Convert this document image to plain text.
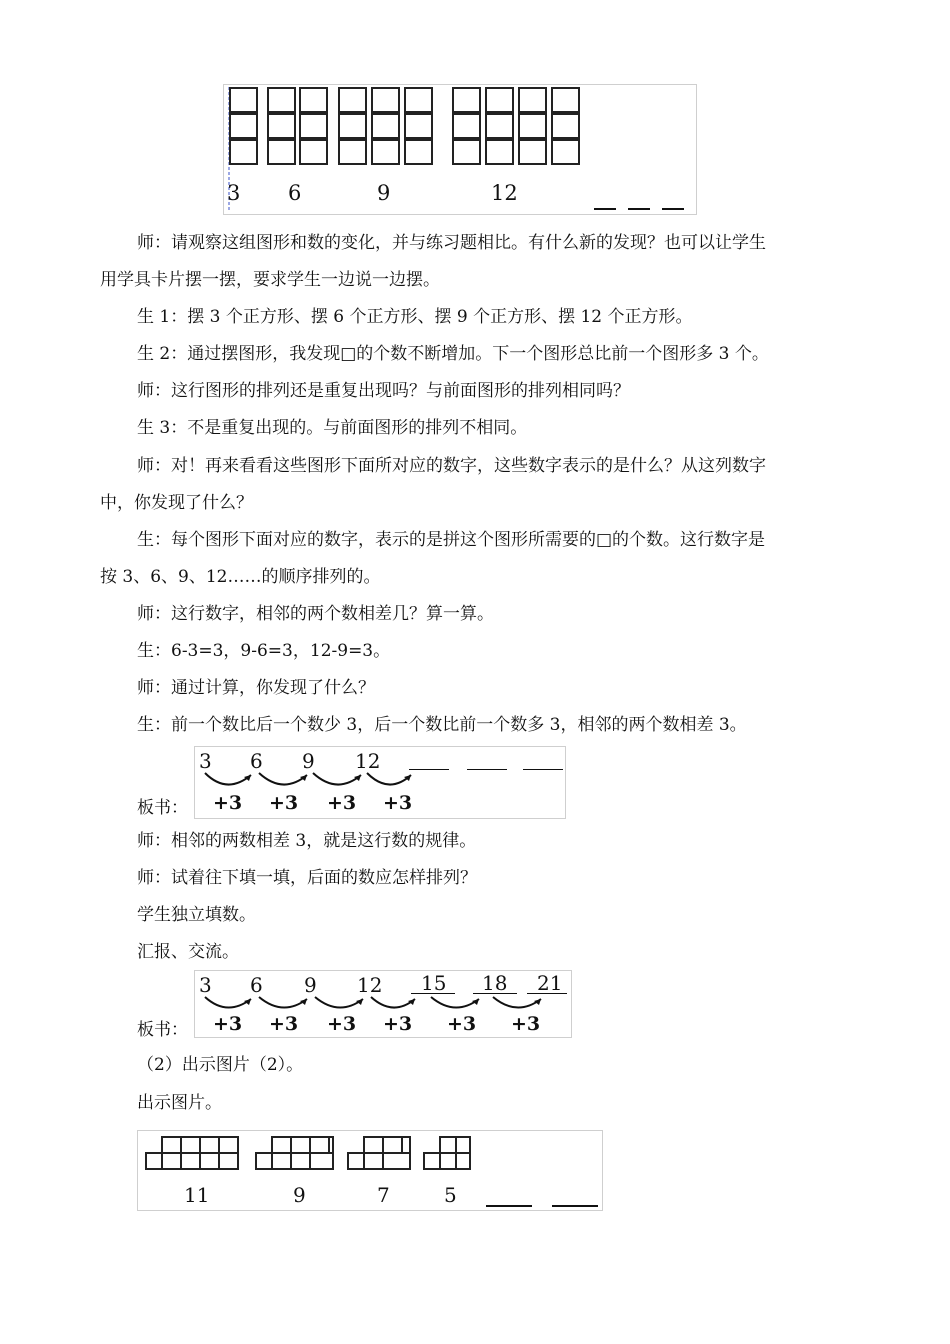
3 6	9	12
师：请观察这组图形和数的变化，并与练习题相比。有什么新的发现？也可以让学生
用学具卡片摆一摆，要求学生一边说一边摆。
生 1：摆 3 个正方形、摆 6 个正方形、摆 9 个正方形、摆 12 个正方形。
生 2：通过摆图形，我发现□的个数不断增加。下一个图形总比前一个图形多 3 个。
师：这行图形的排列还是重复出现吗？与前面图形的排列相同吗？
生 3：不是重复出现的。与前面图形的排列不相同。
师：对！再来看看这些图形下面所对应的数字，这些数字表示的是什么？从这列数字
中，你发现了什么？
生：每个图形下面对应的数字，表示的是拼这个图形所需要的□的个数。这行数字是
按 3、6、9、12……的顺序排列的。
师：这行数字，相邻的两个数相差几？算一算。
生：6-3=3，9-6=3，12-9=3。
师：通过计算，你发现了什么？
生：前一个数比后一个数少 3，后一个数比前一个数多 3，相邻的两个数相差 3。
板书：
3 6 9 12
+3 +3 +3 +3
师：相邻的两数相差 3，就是这行数的规律。
师：试着往下填一填，后面的数应怎样排列？
学生独立填数。
汇报、交流。
板书：
3 6 9 12 15 18 21
+3 +3 +3 +3 +3 +3
（2）出示图片（2）。
出示图片。
11	9	7	5
